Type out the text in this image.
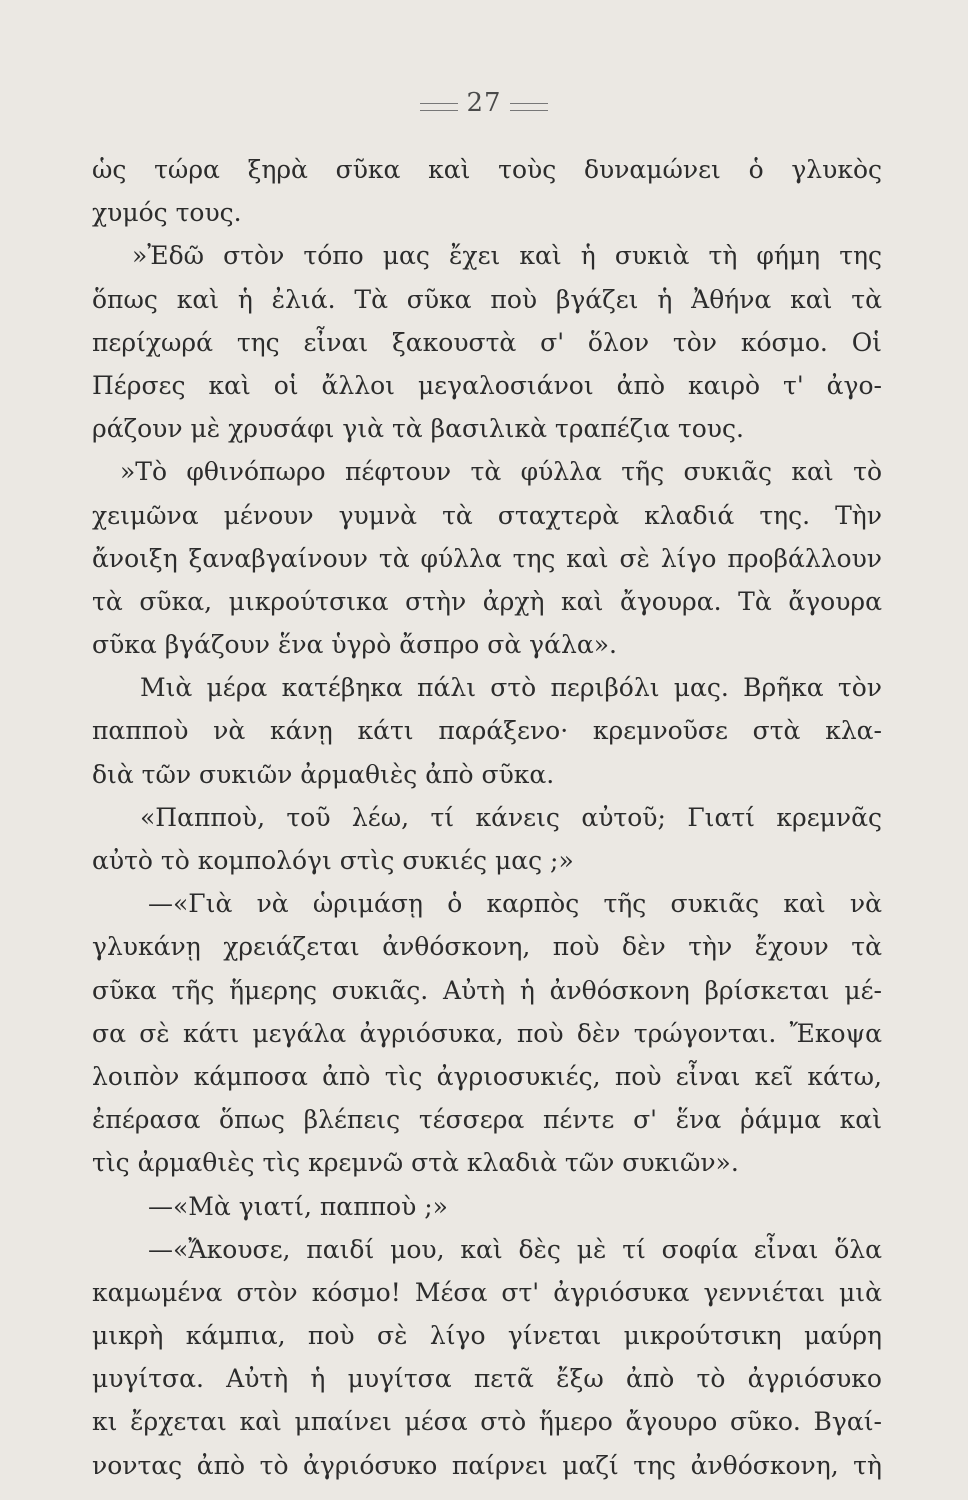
27
ὡς τώρα ξηρὰ σῦκα καὶ τοὺς δυναμώνει ὁ γλυκὸς
χυμός τους.
»Ἐδῶ στὸν τόπο μας ἔχει καὶ ἡ συκιὰ τὴ φήμη της
ὅπως καὶ ἡ ἐλιά. Τὰ σῦκα ποὺ βγάζει ἡ Ἀθήνα καὶ τὰ
περίχωρά της εἶναι ξακουστὰ σ' ὅλον τὸν κόσμο. Οἱ
Πέρσες καὶ οἱ ἄλλοι μεγαλοσιάνοι ἀπὸ καιρὸ τ' ἀγο-
ράζουν μὲ χρυσάφι γιὰ τὰ βασιλικὰ τραπέζια τους.
»Τὸ φθινόπωρο πέφτουν τὰ φύλλα τῆς συκιᾶς καὶ τὸ
χειμῶνα μένουν γυμνὰ τὰ σταχτερὰ κλαδιά της. Τὴν
ἄνοιξη ξαναβγαίνουν τὰ φύλλα της καὶ σὲ λίγο προβάλλουν
τὰ σῦκα, μικρούτσικα στὴν ἀρχὴ καὶ ἄγουρα. Τὰ ἄγουρα
σῦκα βγάζουν ἕνα ὑγρὸ ἄσπρο σὰ γάλα».
Μιὰ μέρα κατέβηκα πάλι στὸ περιβόλι μας. Βρῆκα τὸν
παπποὺ νὰ κάνῃ κάτι παράξενο· κρεμνοῦσε στὰ κλα-
διὰ τῶν συκιῶν ἀρμαθιὲς ἀπὸ σῦκα.
«Παπποὺ, τοῦ λέω, τί κάνεις αὐτοῦ; Γιατί κρεμνᾶς
αὐτὸ τὸ κομπολόγι στὶς συκιές μας ;»
—«Γιὰ νὰ ὡριμάσῃ ὁ καρπὸς τῆς συκιᾶς καὶ νὰ
γλυκάνῃ χρειάζεται ἀνθόσκονη, ποὺ δὲν τὴν ἔχουν τὰ
σῦκα τῆς ἥμερης συκιᾶς. Αὐτὴ ἡ ἀνθόσκονη βρίσκεται μέ-
σα σὲ κάτι μεγάλα ἀγριόσυκα, ποὺ δὲν τρώγονται. Ἔκοψα
λοιπὸν κάμποσα ἀπὸ τὶς ἀγριοσυκιές, ποὺ εἶναι κεῖ κάτω,
ἐπέρασα ὅπως βλέπεις τέσσερα πέντε σ' ἕνα ῥάμμα καὶ
τὶς ἀρμαθιὲς τὶς κρεμνῶ στὰ κλαδιὰ τῶν συκιῶν».
—«Μὰ γιατί, παπποὺ ;»
—«Ἄκουσε, παιδί μου, καὶ δὲς μὲ τί σοφία εἶναι ὅλα
καμωμένα στὸν κόσμο! Μέσα στ' ἀγριόσυκα γεννιέται μιὰ
μικρὴ κάμπια, ποὺ σὲ λίγο γίνεται μικρούτσικη μαύρη
μυγίτσα. Αὐτὴ ἡ μυγίτσα πετᾶ ἔξω ἀπὸ τὸ ἀγριόσυκο
κι ἔρχεται καὶ μπαίνει μέσα στὸ ἥμερο ἄγουρο σῦκο. Βγαί-
νοντας ἀπὸ τὸ ἀγριόσυκο παίρνει μαζί της ἀνθόσκονη, τὴ
